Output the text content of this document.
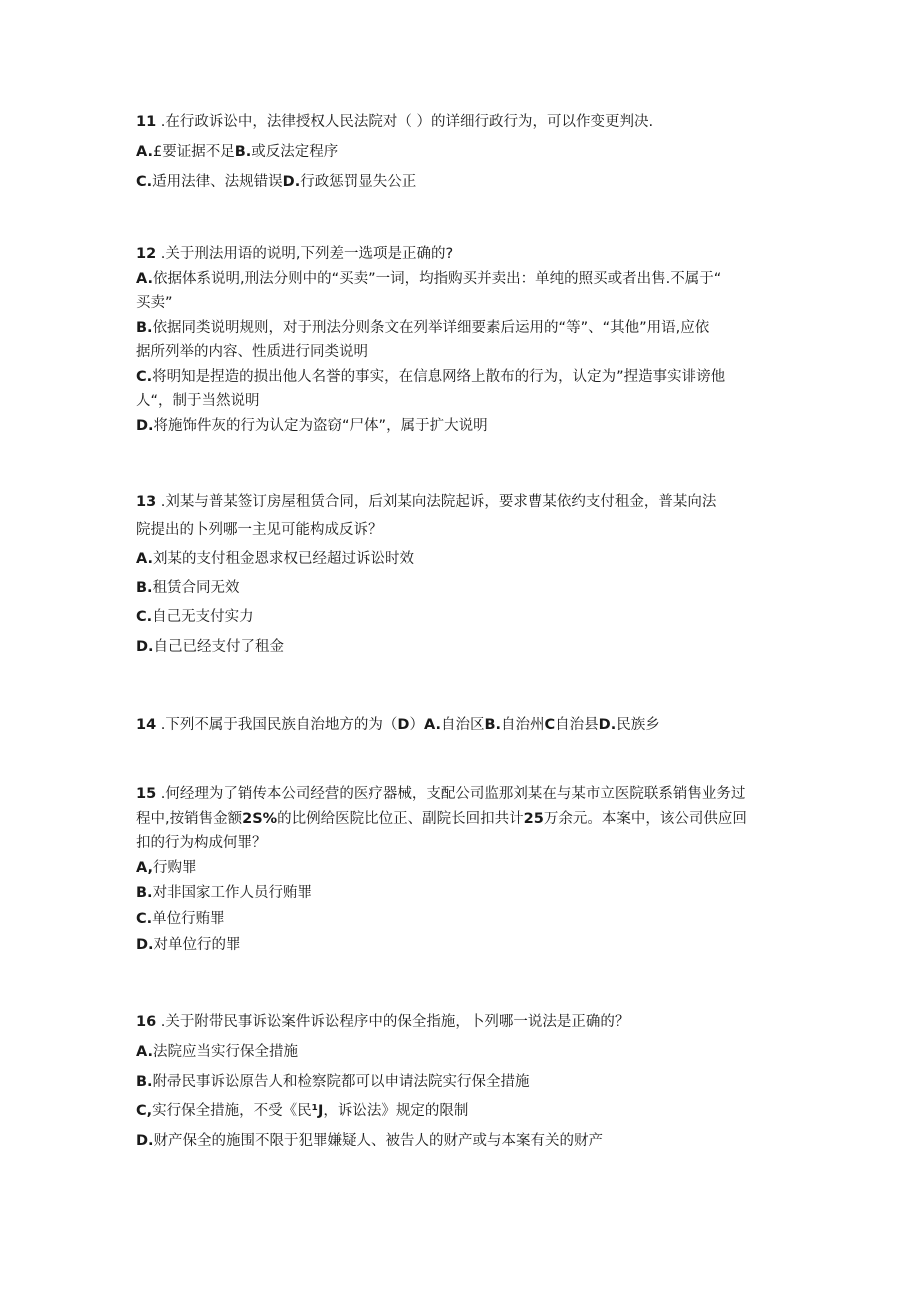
11 .在行政诉讼中，法律授权人民法院对（ ）的详细行政行为，可以作变更判决.
A.£要证据不足B.或反法定程序
C.适用法律、法规错误D.行政惩罚显失公正
12 .关于刑法用语的说明,下列差一选项是正确的?
A.依据体系说明,刑法分则中的“买卖”一词，均指购买并卖出：单纯的照买或者出售.不属于“
买卖”
B.依据同类说明规则，对于刑法分则条文在列举详细要素后运用的“等”、“其他”用语,应依
据所列举的内容、性质进行同类说明
C.将明知是捏造的损出他人名誉的事实，在信息网络上散布的行为，认定为”捏造事实诽谤他
人“，制于当然说明
D.将施饰件灰的行为认定为盗窃“尸体”，属于扩大说明
13 .刘某与普某签订房屋租赁合同，后刘某向法院起诉，要求曹某依约支付租金，普某向法
院提出的卜列哪一主见可能构成反诉？
A.刘某的支付租金恩求权已经超过诉讼时效
B.租赁合同无效
C.自己无支付实力
D.自己已经支付了租金
14 .下列不属于我国民族自治地方的为（D）A.自治区B.自治州C自治县D.民族乡
15 .何经理为了销传本公司经营的医疗器械，支配公司监那刘某在与某市立医院联系销售业务过
程中,按销售金额2S%的比例给医院比位正、副院长回扣共计25万余元。本案中，该公司供应回
扣的行为构成何罪？
A,行购罪
B.对非国家工作人员行贿罪
C.单位行贿罪
D.对单位行的罪
16 .关于附带民事诉讼案件诉讼程序中的保全指施，卜列哪一说法是正确的？
A.法院应当实行保全措施
B.附帚民事诉讼原告人和检察院都可以申请法院实行保全措施
C,实行保全措施，不受《民¹J，诉讼法》规定的限制
D.财产保全的施围不限于犯罪嫌疑人、被告人的财产或与本案有关的财产
